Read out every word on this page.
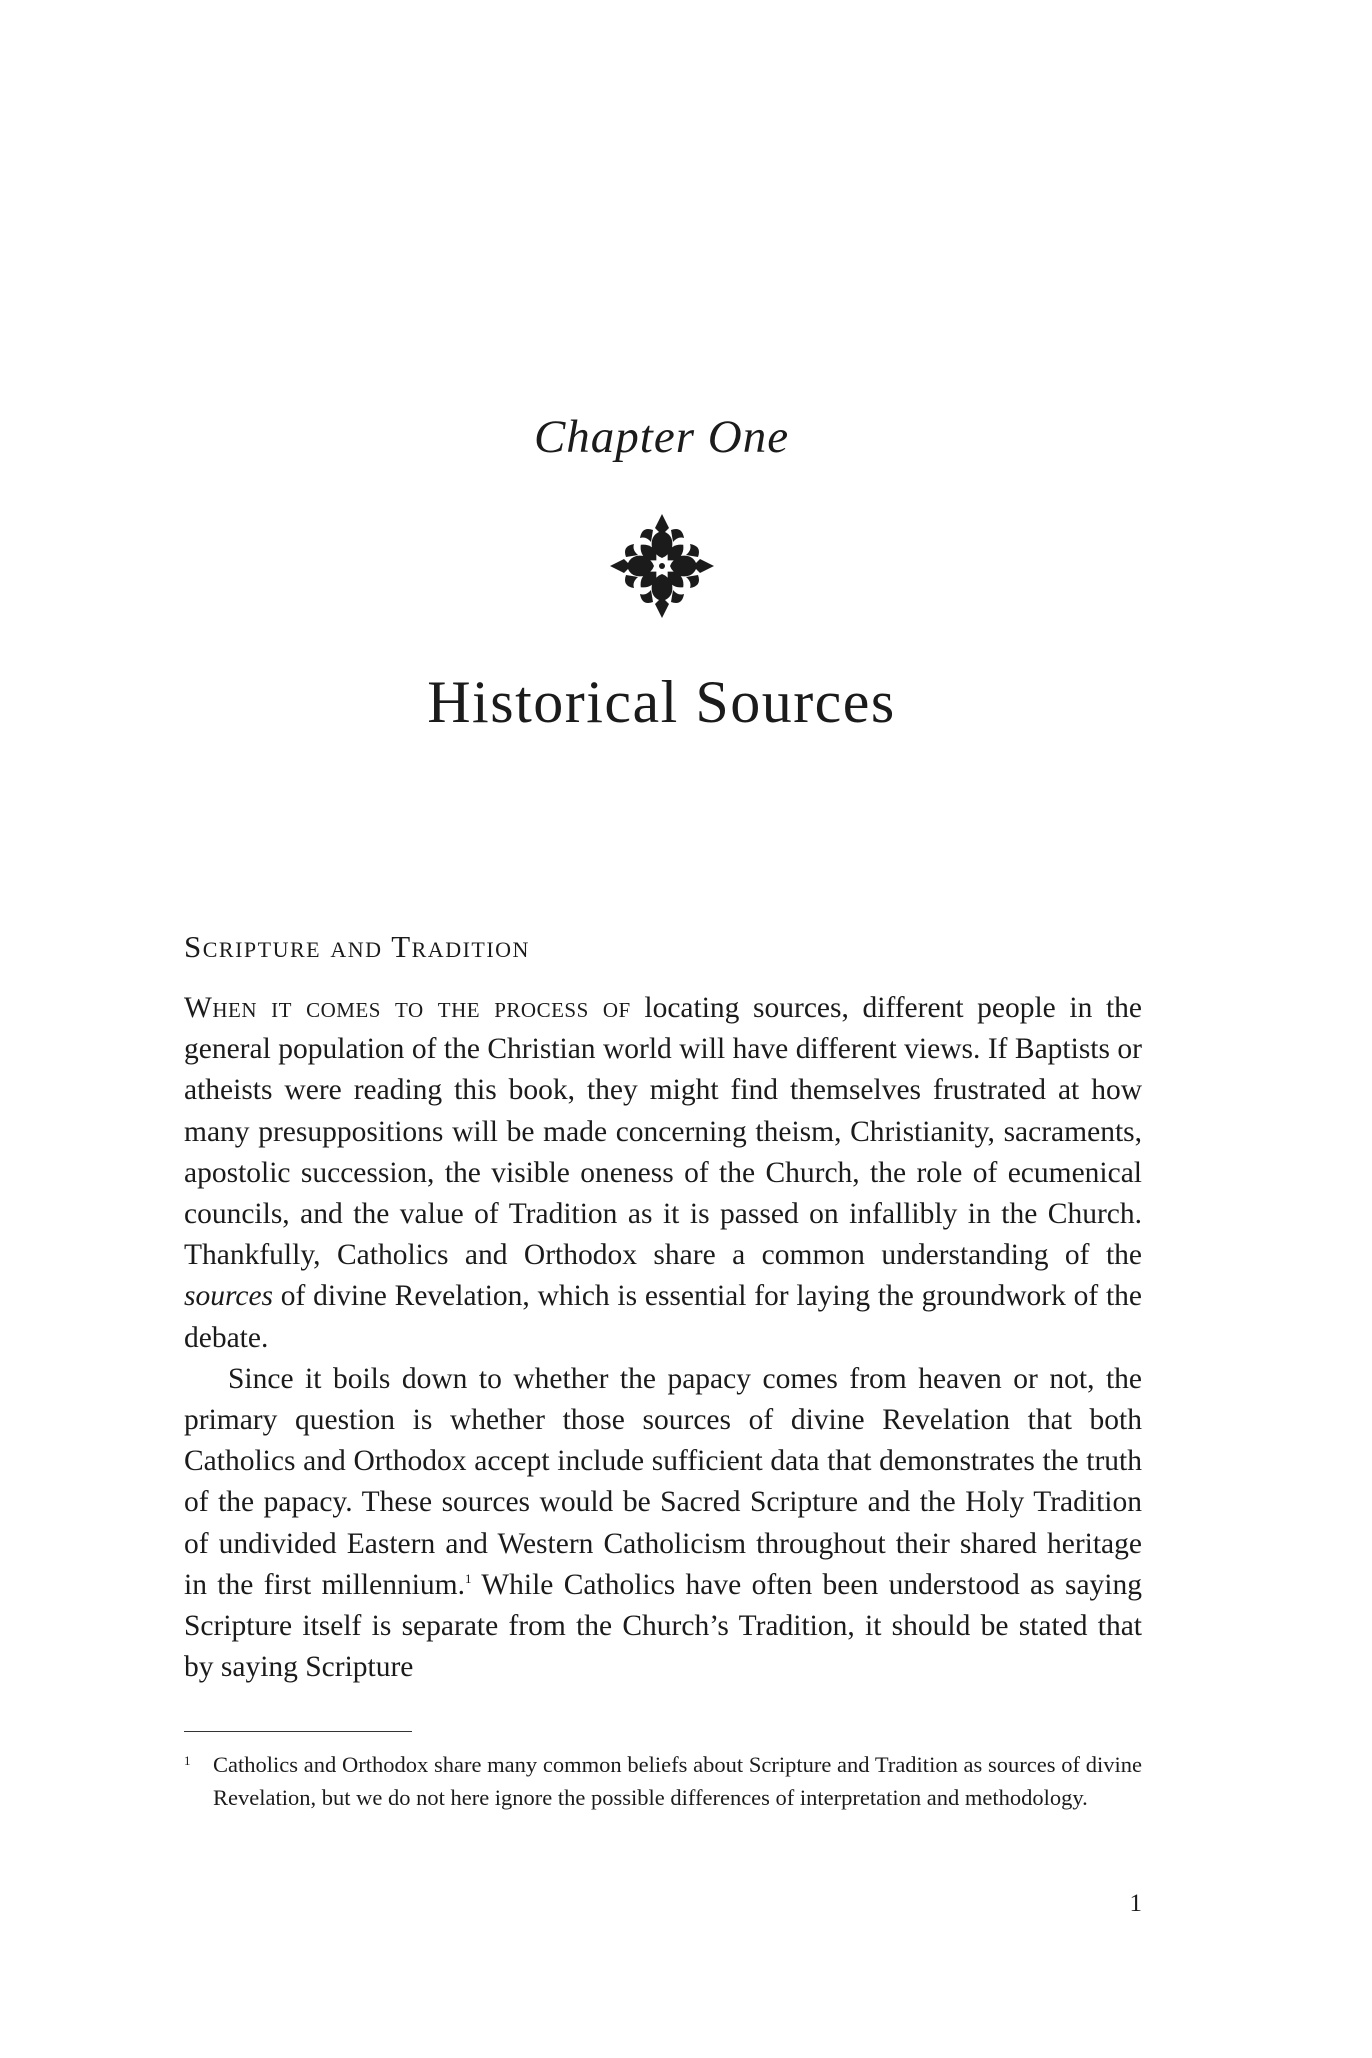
Chapter One
Historical Sources
Scripture and Tradition

When it comes to the process of locating sources, different people in the general population of the Christian world will have different views. If Baptists or atheists were reading this book, they might find themselves frustrated at how many presuppositions will be made concerning theism, Christianity, sacraments, apostolic succession, the visible oneness of the Church, the role of ecumenical councils, and the value of Tradition as it is passed on infallibly in the Church. Thankfully, Catholics and Orthodox share a common understanding of the sources of divine Revelation, which is essential for laying the groundwork of the debate.

Since it boils down to whether the papacy comes from heaven or not, the primary question is whether those sources of divine Revelation that both Catholics and Orthodox accept include sufficient data that demonstrates the truth of the papacy. These sources would be Sacred Scripture and the Holy Tradition of undivided Eastern and Western Catholicism throughout their shared heritage in the first millennium.$^1$ While Catholics have often been understood as saying Scripture itself is separate from the Church’s Tradition, it should be stated that by saying Scripture

1 Catholics and Orthodox share many common beliefs about Scripture and Tradition as sources of divine Revelation, but we do not here ignore the possible differences of interpretation and methodology.
1
